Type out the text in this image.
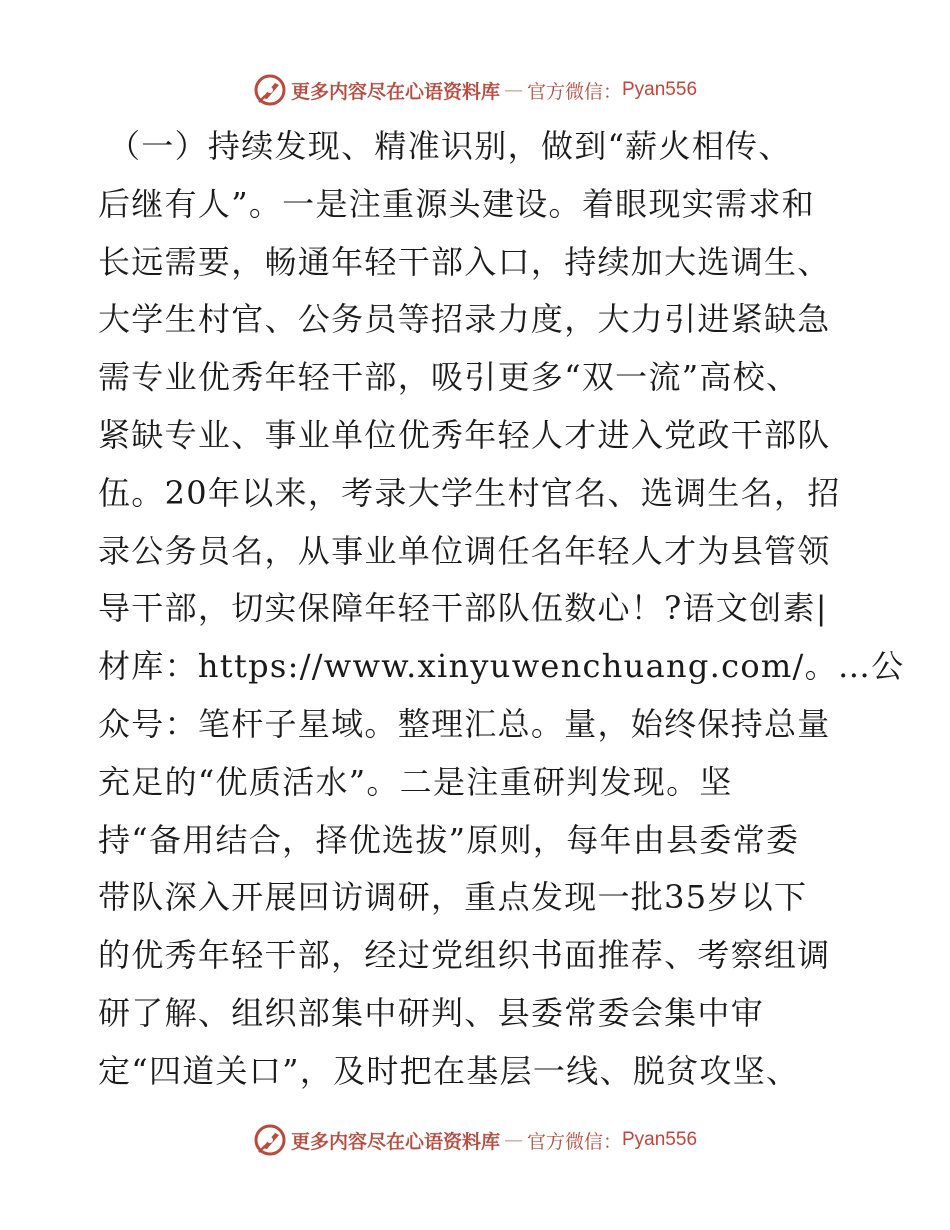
更多内容尽在心语资料库 — 官方微信： Pyan556
（一）持续发现、精准识别，做到“薪火相传、
后继有人”。一是注重源头建设。着眼现实需求和
长远需要，畅通年轻干部入口，持续加大选调生、
大学生村官、公务员等招录力度，大力引进紧缺急
需专业优秀年轻干部，吸引更多“双一流”高校、
紧缺专业、事业单位优秀年轻人才进入党政干部队
伍。20年以来，考录大学生村官名、选调生名，招
录公务员名，从事业单位调任名年轻人才为县管领
导干部，切实保障年轻干部队伍数心！?语文创素|
材库：https://www.xinyuwenchuang.com/。…公
众号：笔杆子星域。整理汇总。量，始终保持总量
充足的“优质活水”。二是注重研判发现。坚
持“备用结合，择优选拔”原则，每年由县委常委
带队深入开展回访调研，重点发现一批35岁以下
的优秀年轻干部，经过党组织书面推荐、考察组调
研了解、组织部集中研判、县委常委会集中审
定“四道关口”，及时把在基层一线、脱贫攻坚、
更多内容尽在心语资料库 — 官方微信： Pyan556
